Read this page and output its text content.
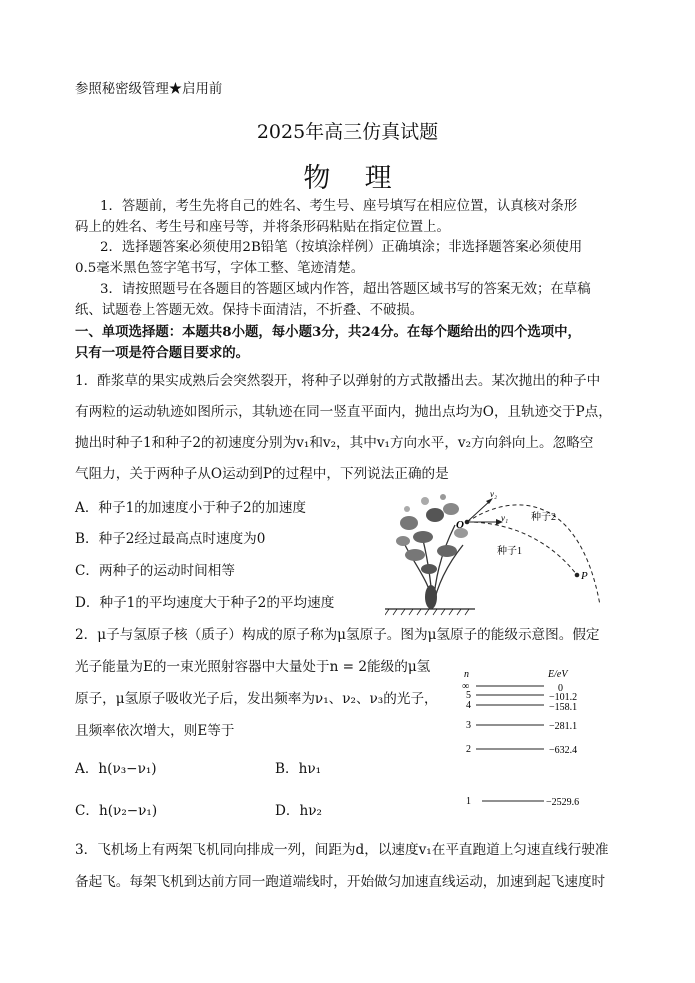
参照秘密级管理★启用前
2025年高三仿真试题
物    理
1．答题前，考生先将自己的姓名、考生号、座号填写在相应位置，认真核对条形
码上的姓名、考生号和座号等，并将条形码粘贴在指定位置上。
2．选择题答案必须使用2B铅笔（按填涂样例）正确填涂；非选择题答案必须使用
0.5毫米黑色签字笔书写，字体工整、笔迹清楚。
3．请按照题号在各题目的答题区域内作答，超出答题区域书写的答案无效；在草稿
纸、试题卷上答题无效。保持卡面清洁，不折叠、不破损。
一、单项选择题：本题共8小题，每小题3分，共24分。在每个题给出的四个选项中，
只有一项是符合题目要求的。
1．酢浆草的果实成熟后会突然裂开，将种子以弹射的方式散播出去。某次抛出的种子中
有两粒的运动轨迹如图所示，其轨迹在同一竖直平面内，抛出点均为O，且轨迹交于P点，
抛出时种子1和种子2的初速度分别为v₁和v₂，其中v₁方向水平，v₂方向斜向上。忽略空
气阻力，关于两种子从O运动到P的过程中，下列说法正确的是
A．种子1的加速度小于种子2的加速度
B．种子2经过最高点时速度为0
C．两种子的运动时间相等
D．种子1的平均速度大于种子2的平均速度
O
P
v₂
v₁ 种子2
种子1
2．μ子与氢原子核（质子）构成的原子称为μ氢原子。图为μ氢原子的能级示意图。假定
光子能量为E的一束光照射容器中大量处于n = 2能级的μ氢
原子，μ氢原子吸收光子后，发出频率为ν₁、ν₂、ν₃的光子，
且频率依次增大，则E等于
A．h(ν₃−ν₁)	B．hν₁
C．h(ν₂−ν₁)	D．hν₂
n	E/eV
∞	0
5	−101.2
4	−158.1
3	−281.1
2	−632.4
1	−2529.6
3．飞机场上有两架飞机同向排成一列，间距为d，以速度v₁在平直跑道上匀速直线行驶准
备起飞。每架飞机到达前方同一跑道端线时，开始做匀加速直线运动，加速到起飞速度时
